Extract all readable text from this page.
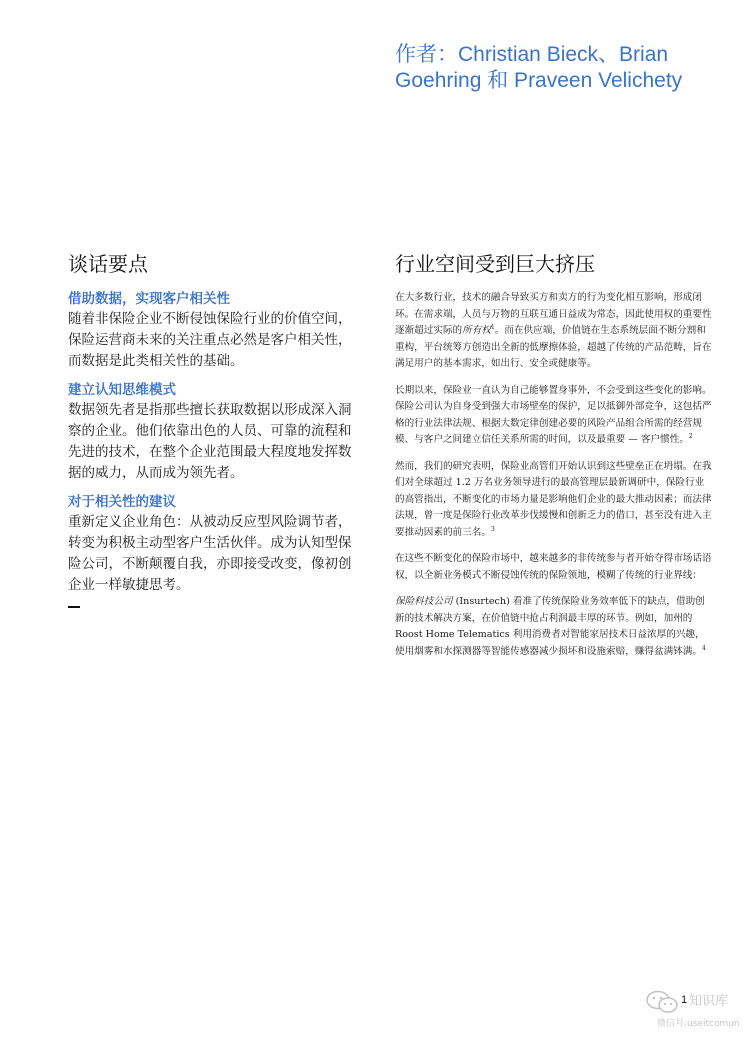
作者：Christian Bieck、Brian Goehring 和 Praveen Velichety
谈话要点

借助数据，实现客户相关性

随着非保险企业不断侵蚀保险行业的价值空间，保险运营商未来的关注重点必然是客户相关性，而数据是此类相关性的基础。

建立认知思维模式

数据领先者是指那些擅长获取数据以形成深入洞察的企业。他们依靠出色的人员、可靠的流程和先进的技术，在整个企业范围最大程度地发挥数据的威力，从而成为领先者。

对于相关性的建议

重新定义企业角色：从被动反应型风险调节者，转变为积极主动型客户生活伙伴。成为认知型保险公司，不断颠覆自我，亦即接受改变，像初创企业一样敏捷思考。

行业空间受到巨大挤压

在大多数行业，技术的融合导致买方和卖方的行为变化相互影响，形成闭环。在需求端，人员与万物的互联互通日益成为常态，因此使用权的重要性逐渐超过实际的所有权$^1$。而在供应端，价值链在生态系统层面不断分割和重构，平台统筹方创造出全新的低摩擦体验，超越了传统的产品范畴，旨在满足用户的基本需求，如出行、安全或健康等。

长期以来，保险业一直认为自己能够置身事外，不会受到这些变化的影响。保险公司认为自身受到强大市场壁垒的保护，足以抵御外部竞争，这包括严格的行业法律法规、根据大数定律创建必要的风险产品组合所需的经营规模、与客户之间建立信任关系所需的时间，以及最重要 — 客户惯性。$^2$

然而，我们的研究表明，保险业高管们开始认识到这些壁垒正在坍塌。在我们对全球超过 1.2 万名业务领导进行的最高管理层最新调研中，保险行业的高管指出，不断变化的市场力量是影响他们企业的最大推动因素；而法律法规，曾一度是保险行业改革步伐缓慢和创新乏力的借口，甚至没有进入主要推动因素的前三名。$^3$

在这些不断变化的保险市场中，越来越多的非传统参与者开始夺得市场话语权，以全新业务模式不断侵蚀传统的保险领地，模糊了传统的行业界线：

保险科技公司 (Insurtech) 看准了传统保险业务效率低下的缺点，借助创新的技术解决方案，在价值链中抢占利润最丰厚的环节。例如，加州的 Roost Home Telematics 利用消费者对智能家居技术日益浓厚的兴趣，使用烟雾和水探测器等智能传感器减少损坏和设施索赔，赚得盆满钵满。$^4$

1 知识库
微信号:useitcomun
